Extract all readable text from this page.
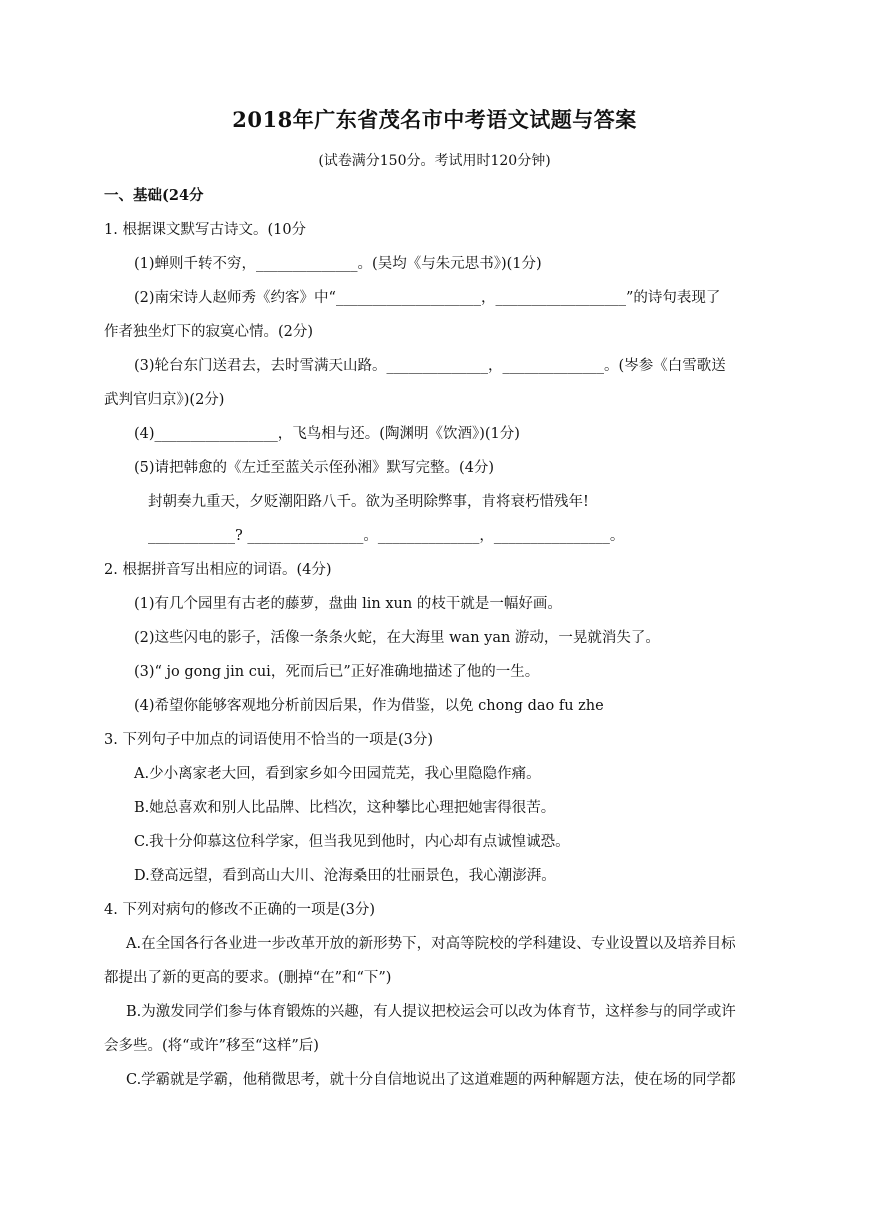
2018年广东省茂名市中考语文试题与答案
(试卷满分150分。考试用时120分钟)
一、基础(24分
1. 根据课文默写古诗文。(10分
(1)蝉则千转不穷，______________。(吴均《与朱元思书》)(1分)
(2)南宋诗人赵师秀《约客》中“____________________，__________________”的诗句表现了
作者独坐灯下的寂寞心情。(2分)
(3)轮台东门送君去，去时雪满天山路。______________，______________。(岑参《白雪歌送
武判官归京》)(2分)
(4)_________________，飞鸟相与还。(陶渊明《饮酒》)(1分)
(5)请把韩愈的《左迁至蓝关示侄孙湘》默写完整。(4分)
封朝奏九重天，夕贬潮阳路八千。欲为圣明除弊事，肯将衰朽惜残年!
____________? ________________。______________，________________。
2. 根据拼音写出相应的词语。(4分)
(1)有几个园里有古老的藤萝，盘曲 lin xun 的枝干就是一幅好画。
(2)这些闪电的影子，活像一条条火蛇，在大海里 wan yan 游动，一晃就消失了。
(3)“ jo gong jin cui，死而后已”正好准确地描述了他的一生。
(4)希望你能够客观地分析前因后果，作为借鉴，以免 chong dao fu zhe
3. 下列句子中加点的词语使用不恰当的一项是(3分)
A.少小离家老大回，看到家乡如今田园荒芜，我心里隐隐作痛。
B.她总喜欢和别人比品牌、比档次，这种攀比心理把她害得很苦。
C.我十分仰慕这位科学家，但当我见到他时，内心却有点诚惶诚恐。
D.登高远望，看到高山大川、沧海桑田的壮丽景色，我心潮澎湃。
4. 下列对病句的修改不正确的一项是(3分)
A.在全国各行各业进一步改革开放的新形势下，对高等院校的学科建设、专业设置以及培养目标
都提出了新的更高的要求。(删掉“在”和“下”)
B.为激发同学们参与体育锻炼的兴趣，有人提议把校运会可以改为体育节，这样参与的同学或许
会多些。(将“或许”移至“这样”后)
C.学霸就是学霸，他稍微思考，就十分自信地说出了这道难题的两种解题方法，使在场的同学都
